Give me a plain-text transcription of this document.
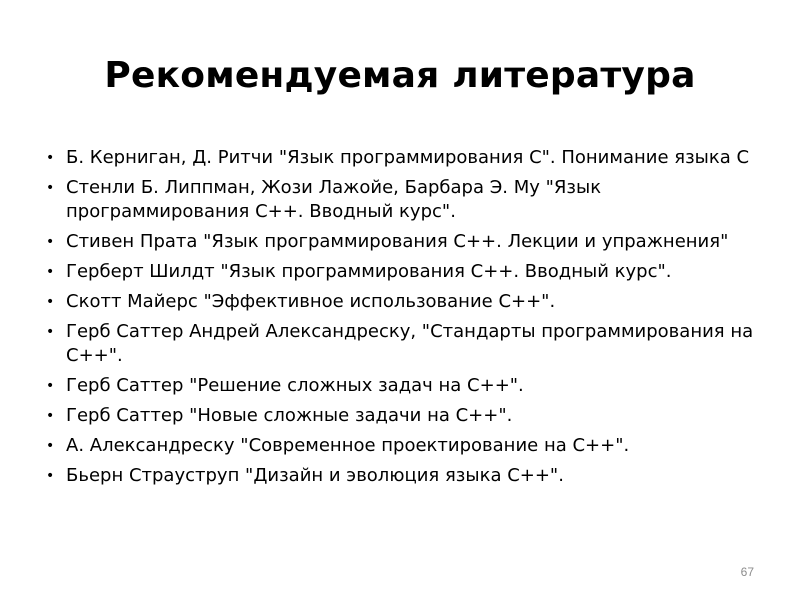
Рекомендуемая литература
• Б. Керниган, Д. Ритчи "Язык программирования С". Понимание языка С
• Стенли Б. Липпман, Жози Лажойе, Барбара Э. Му "Язык программирования С++. Вводный курс".
• Стивен Прата "Язык программирования С++. Лекции и упражнения"
• Герберт Шилдт "Язык программирования С++. Вводный курс".
• Скотт Майерс "Эффективное использование С++".
• Герб Саттер Андрей Александреску, "Стандарты программирования на С++".
• Герб Саттер "Решение сложных задач на С++".
• Герб Саттер "Новые сложные задачи на С++".
• А. Александреску "Современное проектирование на С++".
• Бьерн Страуструп "Дизайн и эволюция языка С++".
67
